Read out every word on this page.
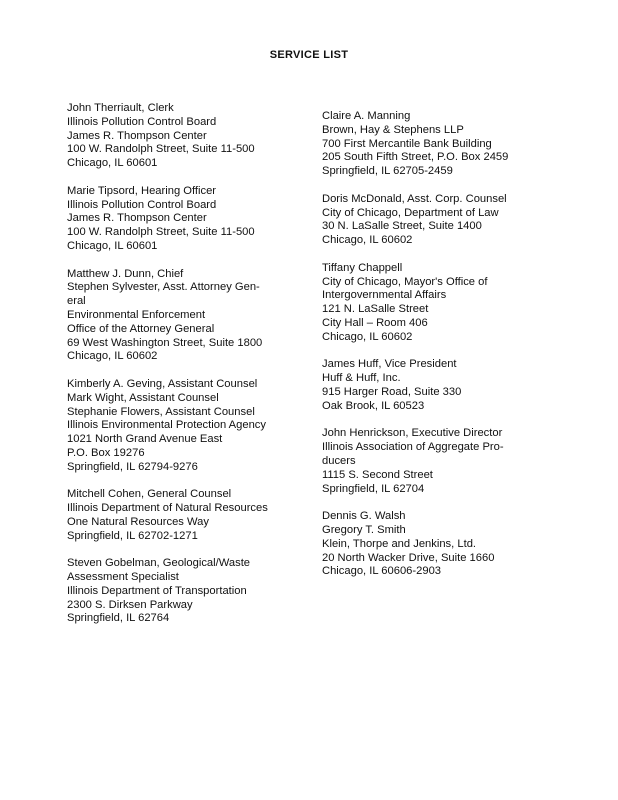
SERVICE LIST
John Therriault, Clerk
Illinois Pollution Control Board
James R. Thompson Center
100 W. Randolph Street, Suite 11-500
Chicago, IL 60601
Marie Tipsord, Hearing Officer
Illinois Pollution Control Board
James R. Thompson Center
100 W. Randolph Street, Suite 11-500
Chicago, IL 60601
Matthew J. Dunn, Chief
Stephen Sylvester, Asst. Attorney Gen-
eral
Environmental Enforcement
Office of the Attorney General
69 West Washington Street, Suite 1800
Chicago, IL 60602
Kimberly A. Geving, Assistant Counsel
Mark Wight, Assistant Counsel
Stephanie Flowers, Assistant Counsel
Illinois Environmental Protection Agency
1021 North Grand Avenue East
P.O. Box 19276
Springfield, IL 62794-9276
Mitchell Cohen, General Counsel
Illinois Department of Natural Resources
One Natural Resources Way
Springfield, IL 62702-1271
Steven Gobelman, Geological/Waste
Assessment Specialist
Illinois Department of Transportation
2300 S. Dirksen Parkway
Springfield, IL 62764
Claire A. Manning
Brown, Hay & Stephens LLP
700 First Mercantile Bank Building
205 South Fifth Street, P.O. Box 2459
Springfield, IL 62705-2459
Doris McDonald, Asst. Corp. Counsel
City of Chicago, Department of Law
30 N. LaSalle Street, Suite 1400
Chicago, IL 60602
Tiffany Chappell
City of Chicago, Mayor's Office of
Intergovernmental Affairs
121 N. LaSalle Street
City Hall – Room 406
Chicago, IL 60602
James Huff, Vice President
Huff & Huff, Inc.
915 Harger Road, Suite 330
Oak Brook, IL 60523
John Henrickson, Executive Director
Illinois Association of Aggregate Pro-
ducers
1115 S. Second Street
Springfield, IL 62704
Dennis G. Walsh
Gregory T. Smith
Klein, Thorpe and Jenkins, Ltd.
20 North Wacker Drive, Suite 1660
Chicago, IL 60606-2903
